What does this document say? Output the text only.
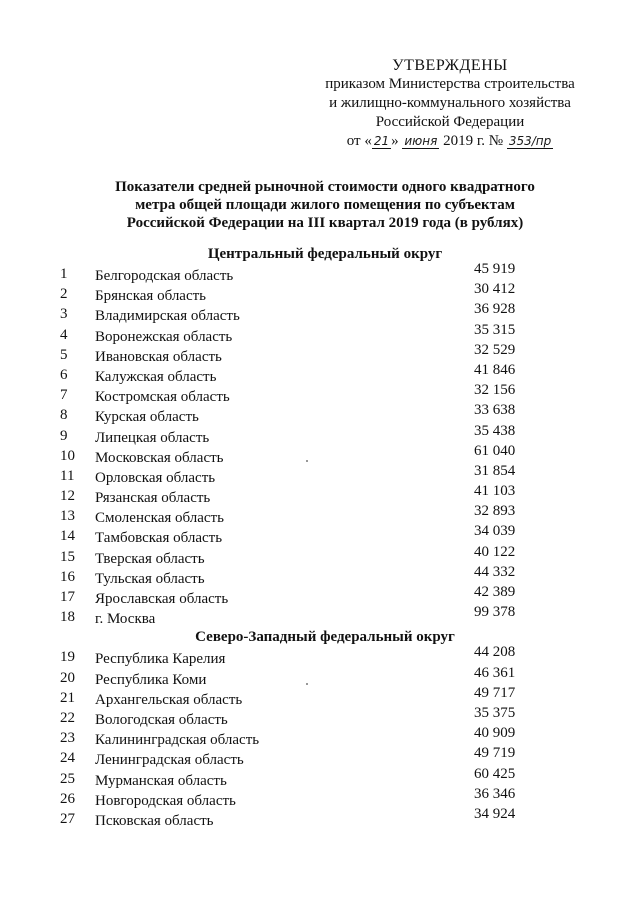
УТВЕРЖДЕНЫ
приказом Министерства строительства
и жилищно-коммунального хозяйства
Российской Федерации
от « 21 » июня 2019 г. № 353/пр
Показатели средней рыночной стоимости одного квадратного
метра общей площади жилого помещения по субъектам
Российской Федерации на III квартал 2019 года (в рублях)
Центральный федеральный округ
1	Белгородская область	45 919
2	Брянская область	30 412
3	Владимирская область	36 928
4	Воронежская область	35 315
5	Ивановская область	32 529
6	Калужская область	41 846
7	Костромская область	32 156
8	Курская область	33 638
9	Липецкая область	35 438
10	Московская область	61 040
11	Орловская область	31 854
12	Рязанская область	41 103
13	Смоленская область	32 893
14	Тамбовская область	34 039
15	Тверская область	40 122
16	Тульская область	44 332
17	Ярославская область	42 389
18	г. Москва	99 378
Северо-Западный федеральный округ
19	Республика Карелия	44 208
20	Республика Коми	46 361
21	Архангельская область	49 717
22	Вологодская область	35 375
23	Калининградская область	40 909
24	Ленинградская область	49 719
25	Мурманская область	60 425
26	Новгородская область	36 346
27	Псковская область	34 924
